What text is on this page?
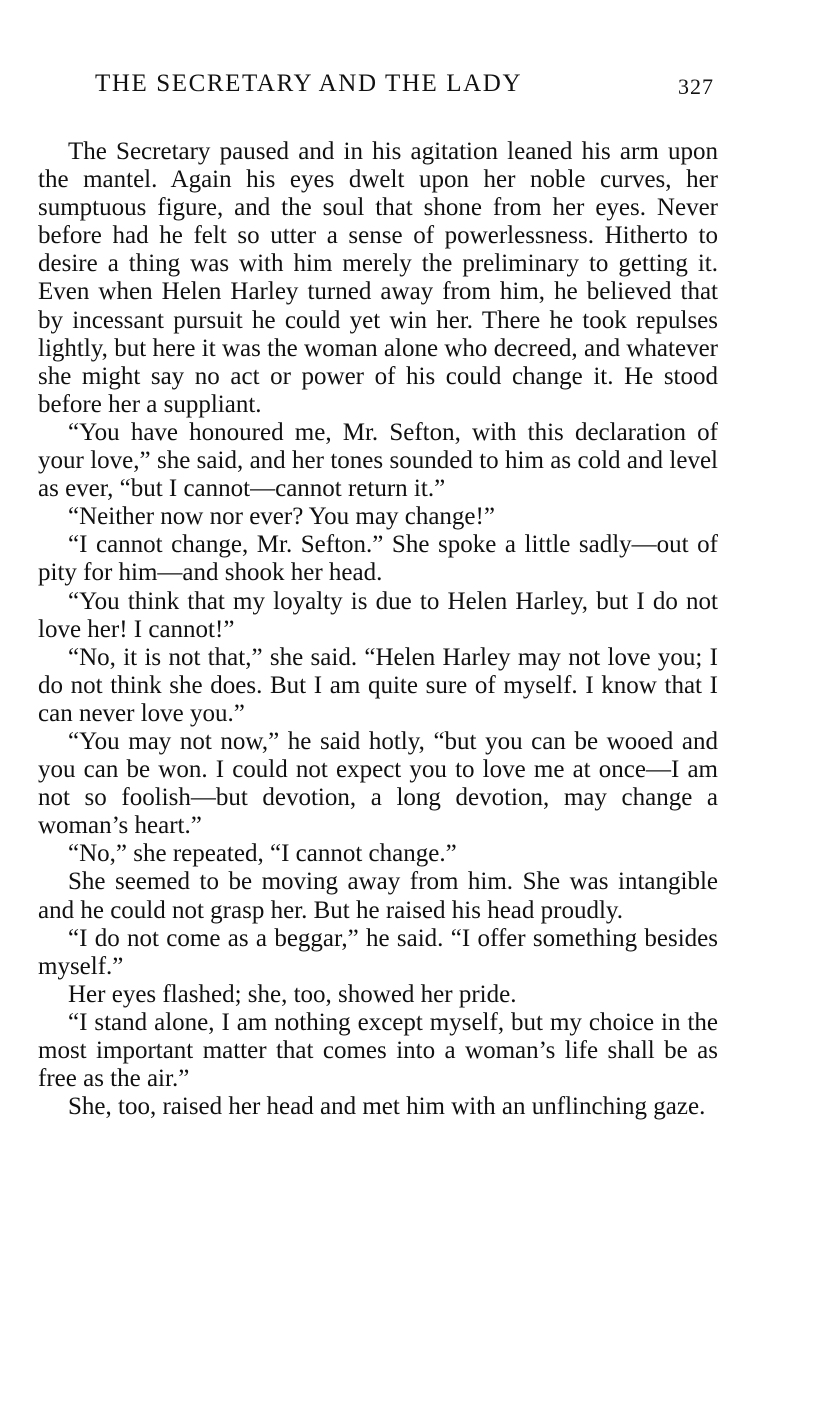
THE SECRETARY AND THE LADY	327

The Secretary paused and in his agitation leaned his arm upon the mantel. Again his eyes dwelt upon her noble curves, her sumptuous figure, and the soul that shone from her eyes. Never before had he felt so utter a sense of powerlessness. Hitherto to desire a thing was with him merely the preliminary to getting it. Even when Helen Harley turned away from him, he believed that by incessant pursuit he could yet win her. There he took repulses lightly, but here it was the woman alone who decreed, and whatever she might say no act or power of his could change it. He stood before her a suppliant.

“You have honoured me, Mr. Sefton, with this declaration of your love,” she said, and her tones sounded to him as cold and level as ever, “but I cannot—cannot return it.”

“Neither now nor ever? You may change!”

“I cannot change, Mr. Sefton.” She spoke a little sadly—out of pity for him—and shook her head.

“You think that my loyalty is due to Helen Harley, but I do not love her! I cannot!”

“No, it is not that,” she said. “Helen Harley may not love you; I do not think she does. But I am quite sure of myself. I know that I can never love you.”

“You may not now,” he said hotly, “but you can be wooed and you can be won. I could not expect you to love me at once—I am not so foolish—but devotion, a long devotion, may change a woman’s heart.”

“No,” she repeated, “I cannot change.”

She seemed to be moving away from him. She was intangible and he could not grasp her. But he raised his head proudly.

“I do not come as a beggar,” he said. “I offer something besides myself.”

Her eyes flashed; she, too, showed her pride.

“I stand alone, I am nothing except myself, but my choice in the most important matter that comes into a woman’s life shall be as free as the air.”

She, too, raised her head and met him with an unflinching gaze.
